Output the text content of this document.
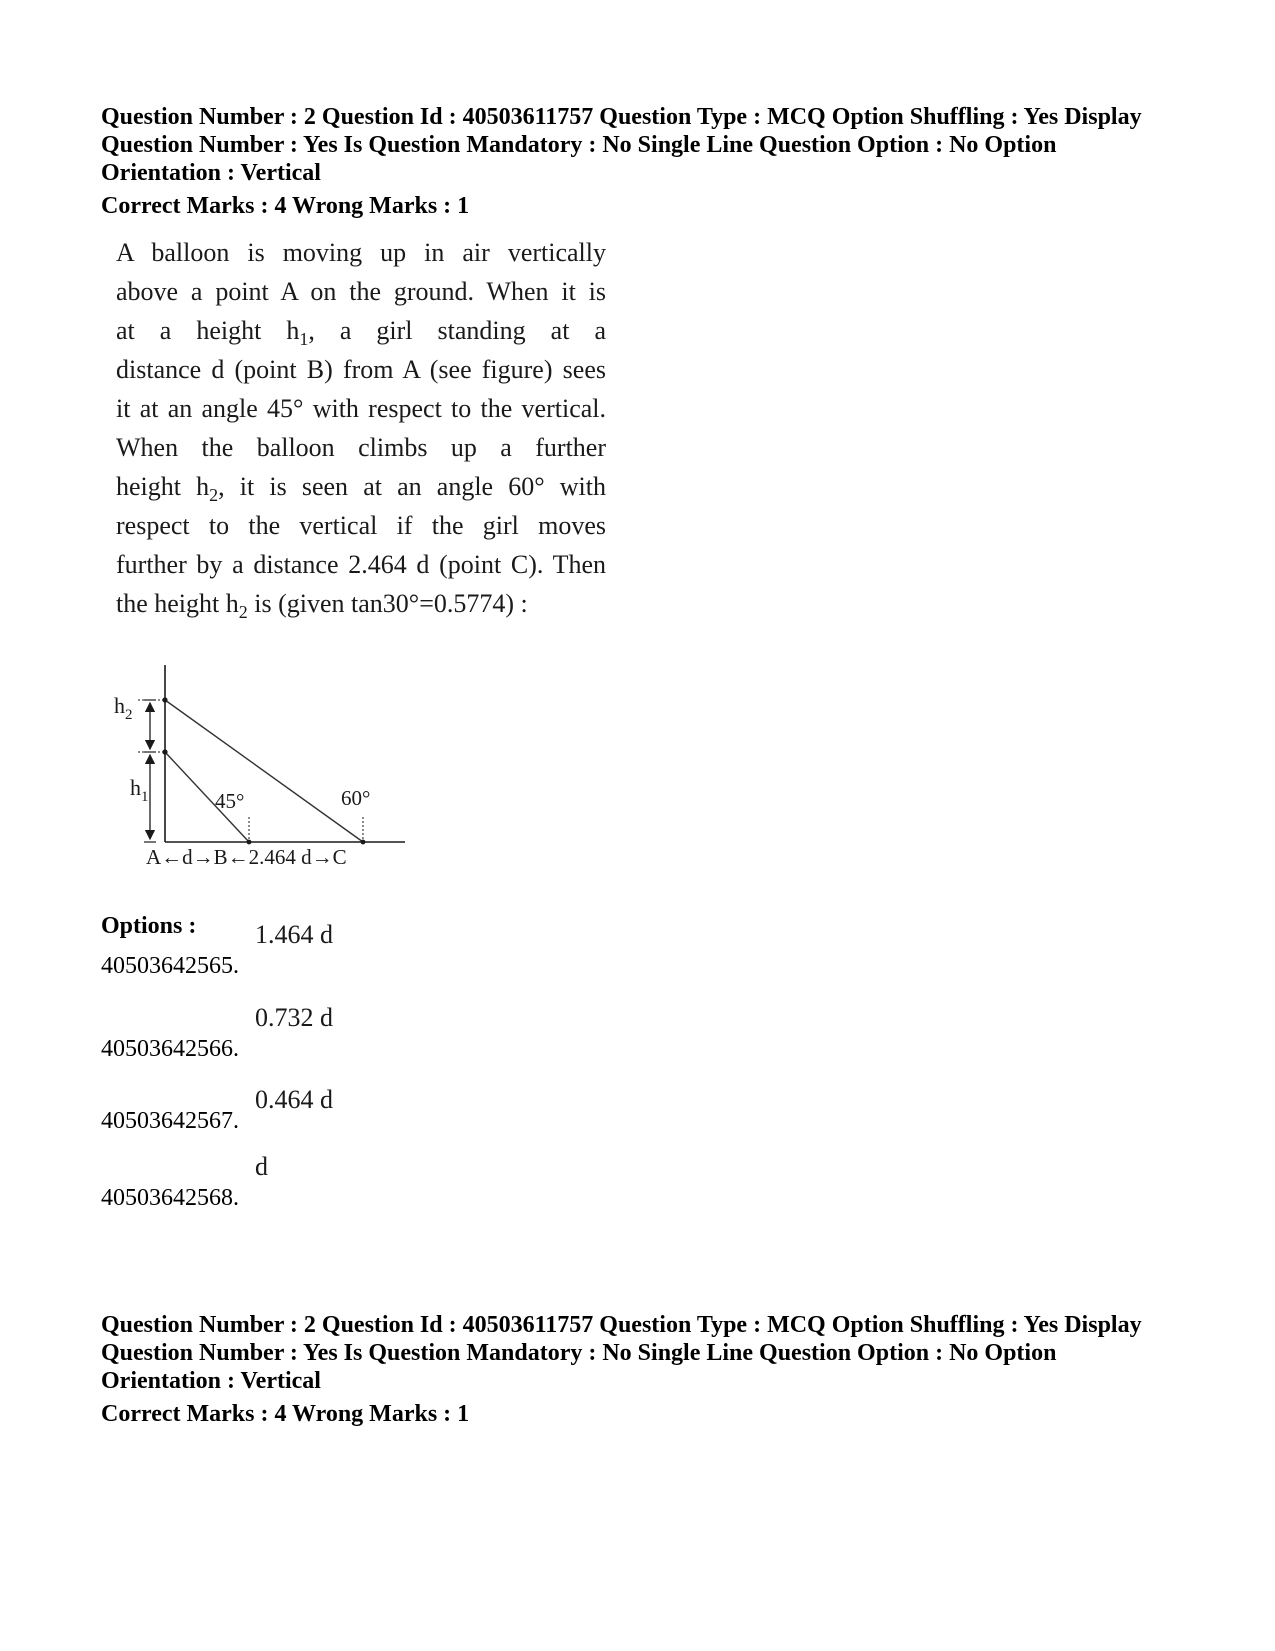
Question Number : 2 Question Id : 40503611757 Question Type : MCQ Option Shuffling : Yes Display
Question Number : Yes Is Question Mandatory : No Single Line Question Option : No Option
Orientation : Vertical
Correct Marks : 4 Wrong Marks : 1
A balloon is moving up in air vertically
above a point A on the ground. When it is
at a height $h_1$, a girl standing at a
distance d (point B) from A (see figure) sees
it at an angle 45° with respect to the vertical.
When the balloon climbs up a further
height $h_2$, it is seen at an angle 60° with
respect to the vertical if the girl moves
further by a distance 2.464 d (point C). Then
the height $h_2$ is (given tan30°=0.5774) :
$h_2$
$h_1$	45°	60°
A←d→B←2.464 d→C
Options :
40503642565.
1.464 d
40503642566.
0.732 d
40503642567.
0.464 d
40503642568.
d
Question Number : 2 Question Id : 40503611757 Question Type : MCQ Option Shuffling : Yes Display
Question Number : Yes Is Question Mandatory : No Single Line Question Option : No Option
Orientation : Vertical
Correct Marks : 4 Wrong Marks : 1
